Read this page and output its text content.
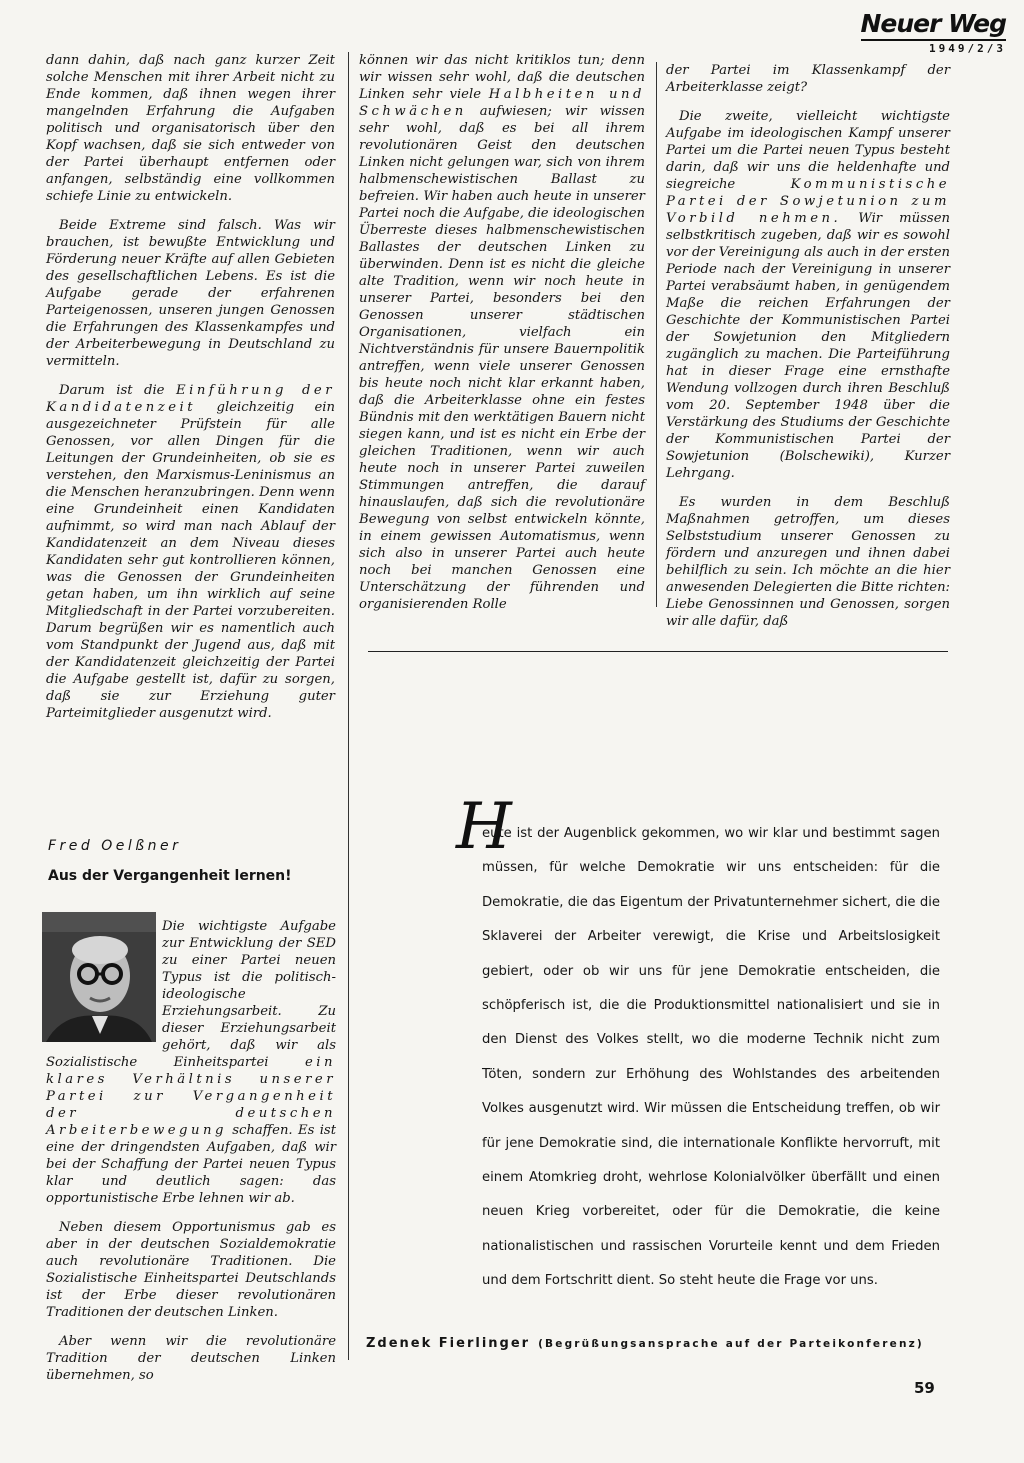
Neuer Weg
1949/2/3

dann dahin, daß nach ganz kurzer Zeit solche Menschen mit ihrer Arbeit nicht zu Ende kommen, daß ihnen wegen ihrer mangelnden Erfahrung die Aufgaben politisch und organisatorisch über den Kopf wachsen, daß sie sich entweder von der Partei überhaupt entfernen oder anfangen, selbständig eine vollkommen schiefe Linie zu entwickeln.

Beide Extreme sind falsch. Was wir brauchen, ist bewußte Entwicklung und Förderung neuer Kräfte auf allen Gebieten des gesellschaftlichen Lebens. Es ist die Aufgabe gerade der erfahrenen Parteigenossen, unseren jungen Genossen die Erfahrungen des Klassenkampfes und der Arbeiterbewegung in Deutschland zu vermitteln.

Darum ist die Einführung der Kandidatenzeit gleichzeitig ein ausgezeichneter Prüfstein für alle Genossen, vor allen Dingen für die Leitungen der Grundeinheiten, ob sie es verstehen, den Marxismus-Leninismus an die Menschen heranzubringen. Denn wenn eine Grundeinheit einen Kandidaten aufnimmt, so wird man nach Ablauf der Kandidatenzeit an dem Niveau dieses Kandidaten sehr gut kontrollieren können, was die Genossen der Grundeinheiten getan haben, um ihn wirklich auf seine Mitgliedschaft in der Partei vorzubereiten. Darum begrüßen wir es namentlich auch vom Standpunkt der Jugend aus, daß mit der Kandidatenzeit gleichzeitig der Partei die Aufgabe gestellt ist, dafür zu sorgen, daß sie zur Erziehung guter Parteimitglieder ausgenutzt wird.

können wir das nicht kritiklos tun; denn wir wissen sehr wohl, daß die deutschen Linken sehr viele Halbheiten und Schwächen aufwiesen; wir wissen sehr wohl, daß es bei all ihrem revolutionären Geist den deutschen Linken nicht gelungen war, sich von ihrem halbmenschewistischen Ballast zu befreien. Wir haben auch heute in unserer Partei noch die Aufgabe, die ideologischen Überreste dieses halbmenschewistischen Ballastes der deutschen Linken zu überwinden. Denn ist es nicht die gleiche alte Tradition, wenn wir noch heute in unserer Partei, besonders bei den Genossen unserer städtischen Organisationen, vielfach ein Nichtverständnis für unsere Bauernpolitik antreffen, wenn viele unserer Genossen bis heute noch nicht klar erkannt haben, daß die Arbeiterklasse ohne ein festes Bündnis mit den werktätigen Bauern nicht siegen kann, und ist es nicht ein Erbe der gleichen Traditionen, wenn wir auch heute noch in unserer Partei zuweilen Stimmungen antreffen, die darauf hinauslaufen, daß sich die revolutionäre Bewegung von selbst entwickeln könnte, in einem gewissen Automatismus, wenn sich also in unserer Partei auch heute noch bei manchen Genossen eine Unterschätzung der führenden und organisierenden Rolle

der Partei im Klassenkampf der Arbeiterklasse zeigt?

Die zweite, vielleicht wichtigste Aufgabe im ideologischen Kampf unserer Partei um die Partei neuen Typus besteht darin, daß wir uns die heldenhafte und siegreiche	Kommunistische Partei der Sowjetunion zum Vorbild nehmen. Wir müssen selbstkritisch zugeben, daß wir es sowohl vor der Vereinigung als auch in der ersten Periode nach der Vereinigung in unserer Partei verabsäumt haben, in genügendem Maße die reichen Erfahrungen der Geschichte der Kommunistischen Partei der Sowjetunion den Mitgliedern zugänglich zu machen. Die Parteiführung hat in dieser Frage eine ernsthafte Wendung vollzogen durch ihren Beschluß vom 20. September 1948 über die Verstärkung des Studiums der Geschichte der Kommunistischen Partei der Sowjetunion (Bolschewiki), Kurzer Lehrgang.

Es wurden in dem Beschluß Maßnahmen getroffen, um dieses Selbststudium unserer Genossen zu fördern und anzuregen und ihnen dabei behilflich zu sein. Ich möchte an die hier anwesenden Delegierten die Bitte richten: Liebe Genossinnen und Genossen, sorgen wir alle dafür, daß

Fred Oelßner
Aus der Vergangenheit lernen!

Die wichtigste Aufgabe zur Entwicklung der SED zu einer Partei neuen Typus ist die politisch-ideologische Erziehungsarbeit. Zu dieser Erziehungsarbeit gehört, daß wir als Sozialistische Einheitspartei	ein klares Verhältnis unserer Partei zur Vergangenheit der deutschen Arbeiterbewegung schaffen. Es ist eine der dringendsten Aufgaben, daß wir bei der Schaffung der Partei neuen Typus klar und deutlich sagen: das opportunistische Erbe lehnen wir ab.

Neben diesem Opportunismus gab es aber in der deutschen Sozialdemokratie auch revolutionäre Traditionen. Die Sozialistische Einheitspartei Deutschlands ist der Erbe dieser revolutionären Traditionen der deutschen Linken.

Aber wenn wir die revolutionäre Tradition der deutschen Linken übernehmen, so

H
eute ist der Augenblick gekommen, wo wir klar und bestimmt sagen müssen, für welche Demokratie wir uns entscheiden: für die Demokratie, die das Eigentum der Privatunternehmer sichert, die die Sklaverei der Arbeiter verewigt, die Krise und Arbeitslosigkeit gebiert, oder ob wir uns für jene Demokratie entscheiden, die schöpferisch ist, die die Produktionsmittel nationalisiert und sie in den Dienst des Volkes stellt, wo die moderne Technik nicht zum Töten, sondern zur Erhöhung des Wohlstandes des arbeitenden Volkes ausgenutzt wird. Wir müssen die Entscheidung treffen, ob wir für jene Demokratie sind, die internationale Konflikte hervorruft, mit einem Atomkrieg droht, wehrlose Kolonialvölker überfällt und einen neuen Krieg vorbereitet, oder für die Demokratie, die keine nationalistischen und rassischen Vorurteile kennt und dem Frieden und dem Fortschritt dient. So steht heute die Frage vor uns.
Zdenek Fierlinger (Begrüßungsansprache auf der Parteikonferenz)
59
